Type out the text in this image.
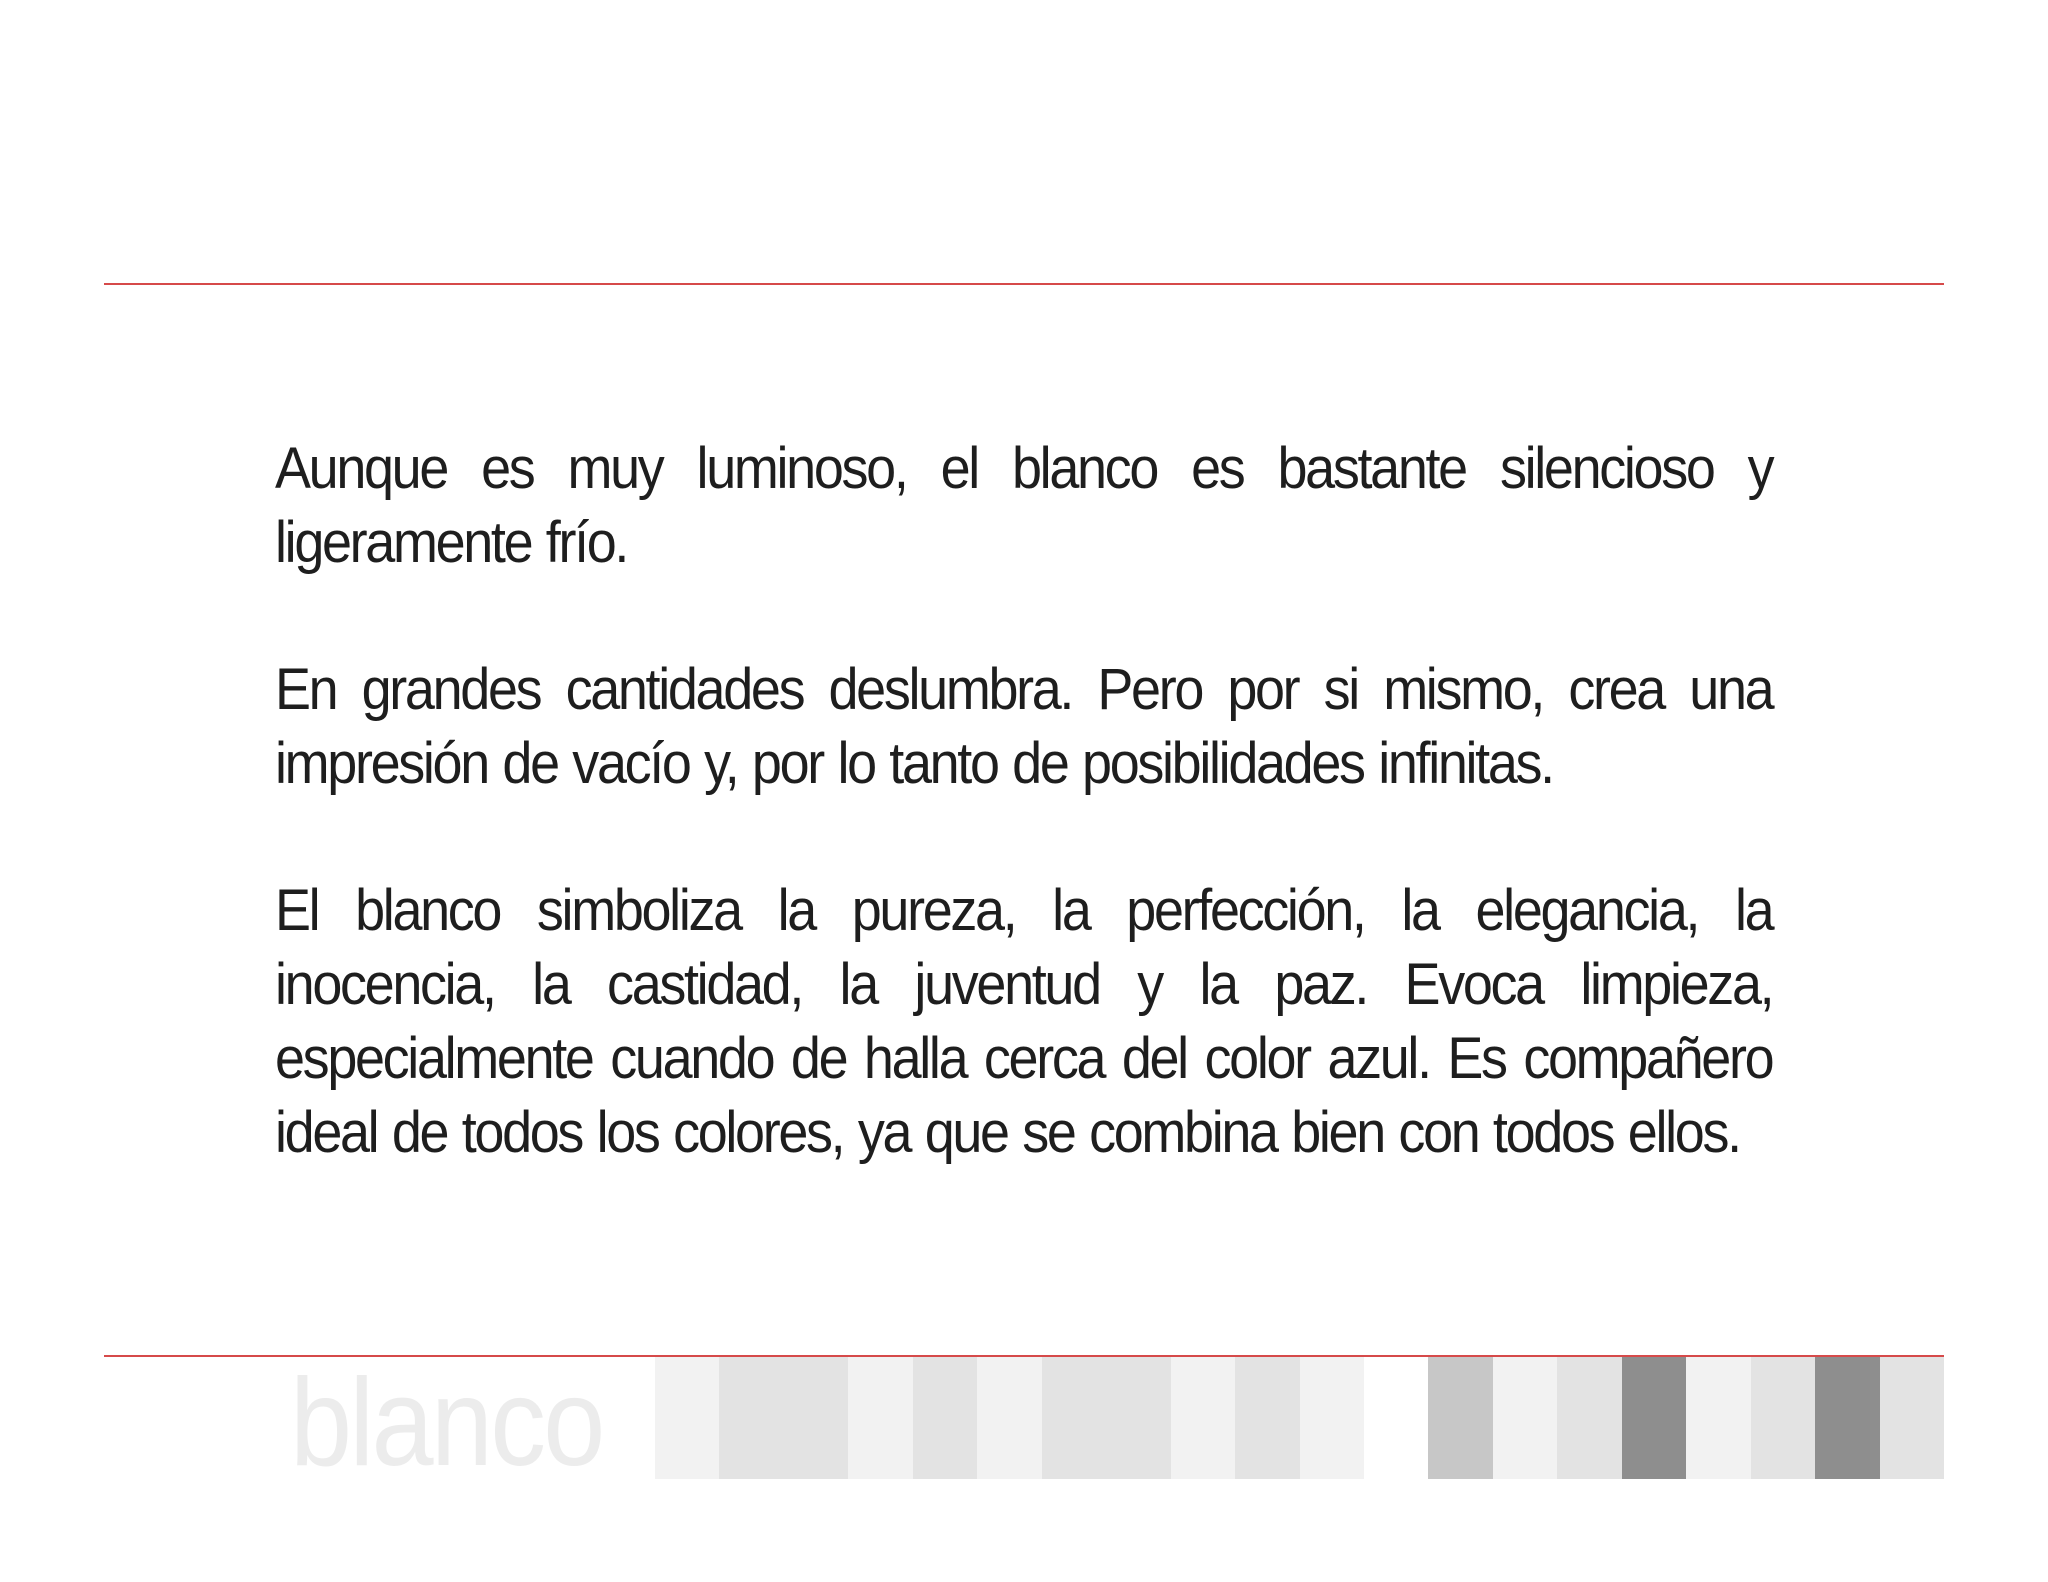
Aunque es muy luminoso, el blanco es bastante silencioso y ligeramente frío.

En grandes cantidades deslumbra. Pero por si mismo, crea una impresión de vacío y, por lo tanto de posibilidades infinitas.

El blanco simboliza la pureza, la perfección, la elegancia, la inocencia, la castidad, la juventud y la paz. Evoca limpieza, especialmente cuando de halla cerca del color azul. Es compañero ideal de todos los colores, ya que se combina bien con todos ellos.

blanco
